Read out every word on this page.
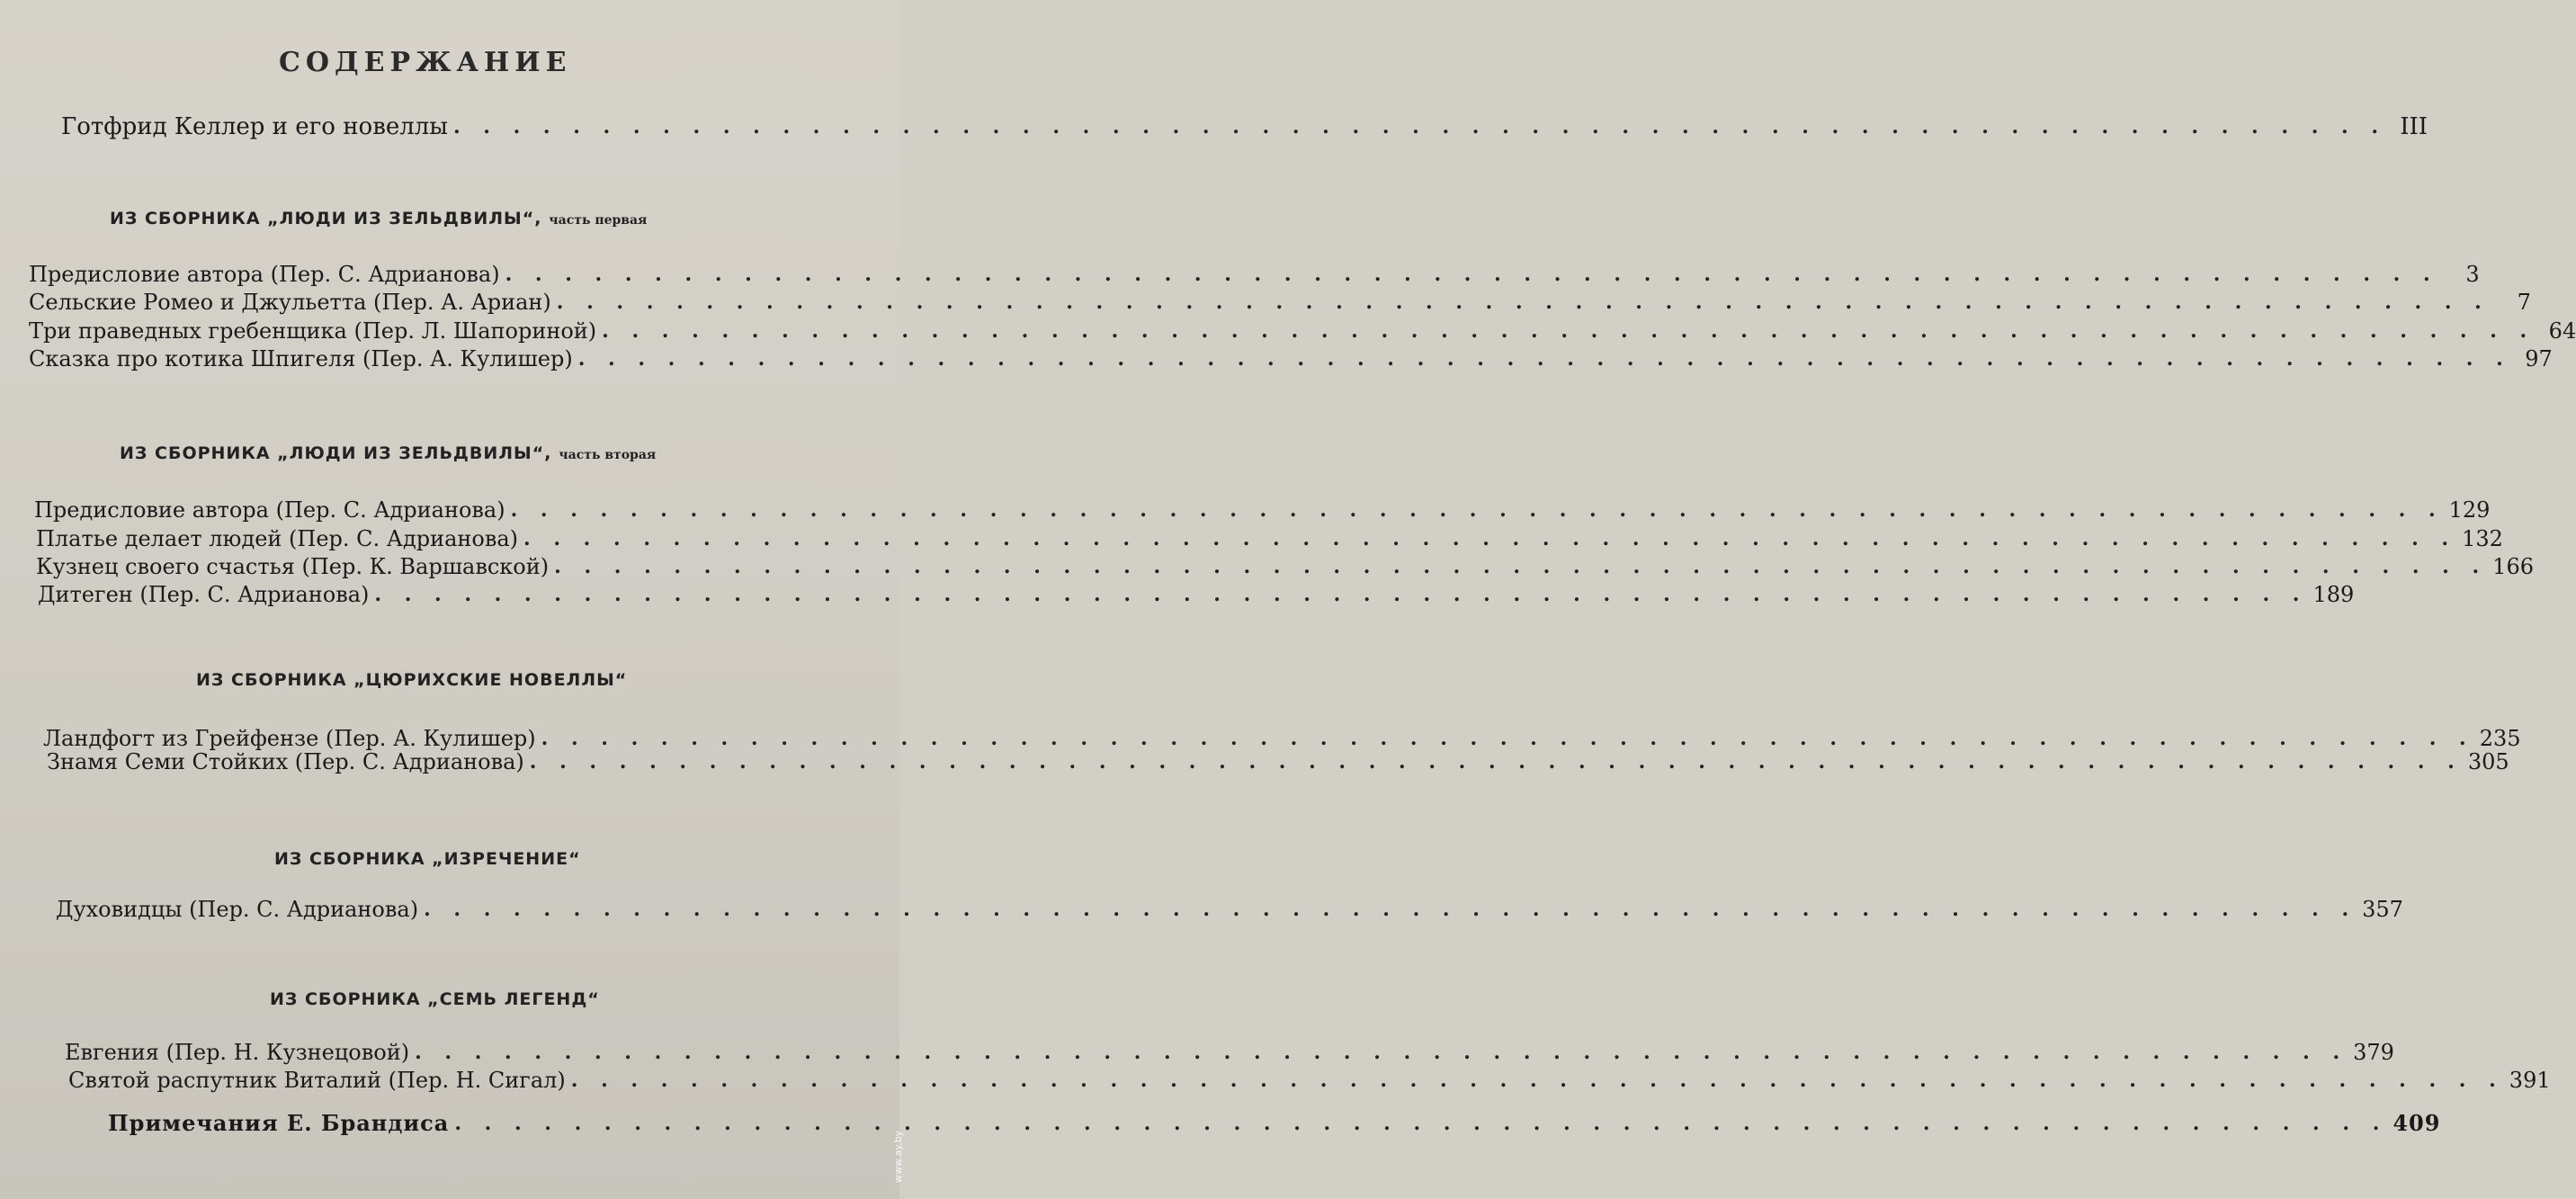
СОДЕРЖАНИЕ
Готфрид Келлер и его новеллы . . .	III
ИЗ СБОРНИКА „ЛЮДИ ИЗ ЗЕЛЬДВИЛЫ“, часть первая
Предисловие автора (Пер. С. Адрианова) . . .	3
Сельские Ромео и Джульетта (Пер. А. Ариан) . . .	7
Три праведных гребенщика (Пер. Л. Шапориной) . . .	64
Сказка про котика Шпигеля (Пер. А. Кулишер) . . .	97
ИЗ СБОРНИКА „ЛЮДИ ИЗ ЗЕЛЬДВИЛЫ“, часть вторая
Предисловие автора (Пер. С. Адрианова) . . .	129
Платье делает людей (Пер. С. Адрианова) . . .	132
Кузнец своего счастья (Пер. К. Варшавской) . . .	166
Дитеген (Пер. С. Адрианова) . . .	189
ИЗ СБОРНИКА „ЦЮРИХСКИЕ НОВЕЛЛЫ“
Ландфогт из Грейфензе (Пер. А. Кулишер) . . .	235
Знамя Семи Стойких (Пер. С. Адрианова) . . .	305
ИЗ СБОРНИКА „ИЗРЕЧЕНИЕ“
Духовидцы (Пер. С. Адрианова) . . .	357
ИЗ СБОРНИКА „СЕМЬ ЛЕГЕНД“
Евгения (Пер. Н. Кузнецовой) . . .	379
Святой распутник Виталий (Пер. Н. Сигал) . . .	391
Примечания Е. Брандиса . . .	409
www.ay.by
